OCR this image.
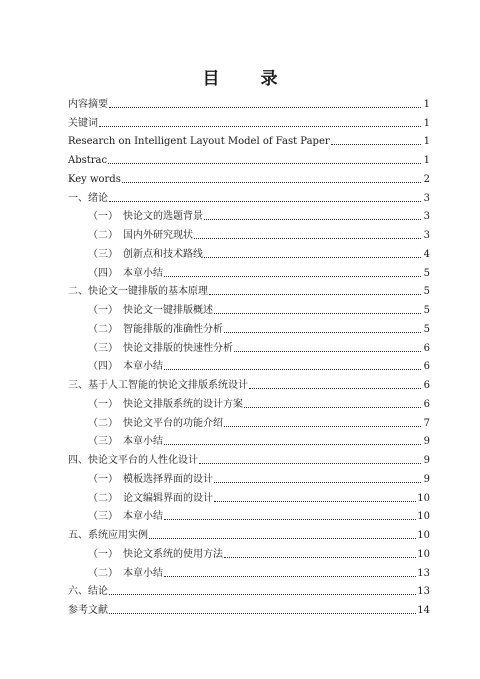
目　录
内容摘要	1
关键词	1
Research on Intelligent Layout Model of Fast Paper	1
Abstrac	1
Key words	2
一、绪论	3
（一）　快论文的选题背景	3
（二）　国内外研究现状	3
（三）　创新点和技术路线	4
（四）　本章小结	5
二、快论文一键排版的基本原理	5
（一）　快论文一键排版概述	5
（二）　智能排版的准确性分析	5
（三）　快论文排版的快速性分析	6
（四）　本章小结	6
三、基于人工智能的快论文排版系统设计	6
（一）　快论文排版系统的设计方案	6
（二）　快论文平台的功能介绍	7
（三）　本章小结	9
四、快论文平台的人性化设计	9
（一）　模板选择界面的设计	9
（二）　论文编辑界面的设计	10
（三）　本章小结	10
五、系统应用实例	10
（一）　快论文系统的使用方法	10
（二）　本章小结	13
六、结论	13
参考文献	14
